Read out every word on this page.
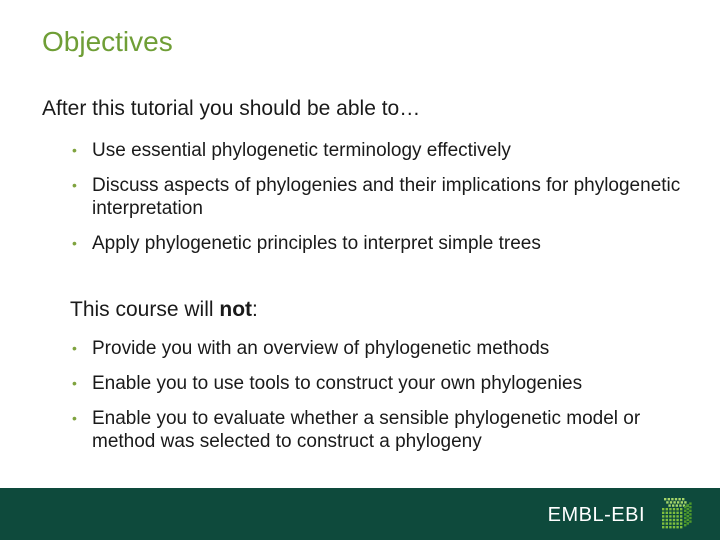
Objectives
After this tutorial you should be able to…
• Use essential phylogenetic terminology effectively
• Discuss aspects of phylogenies and their implications for phylogenetic interpretation
• Apply phylogenetic principles to interpret simple trees
This course will not:
• Provide you with an overview of phylogenetic methods
• Enable you to use tools to construct your own phylogenies
• Enable you to evaluate whether a sensible phylogenetic model or method was selected to construct a phylogeny
EMBL-EBI
